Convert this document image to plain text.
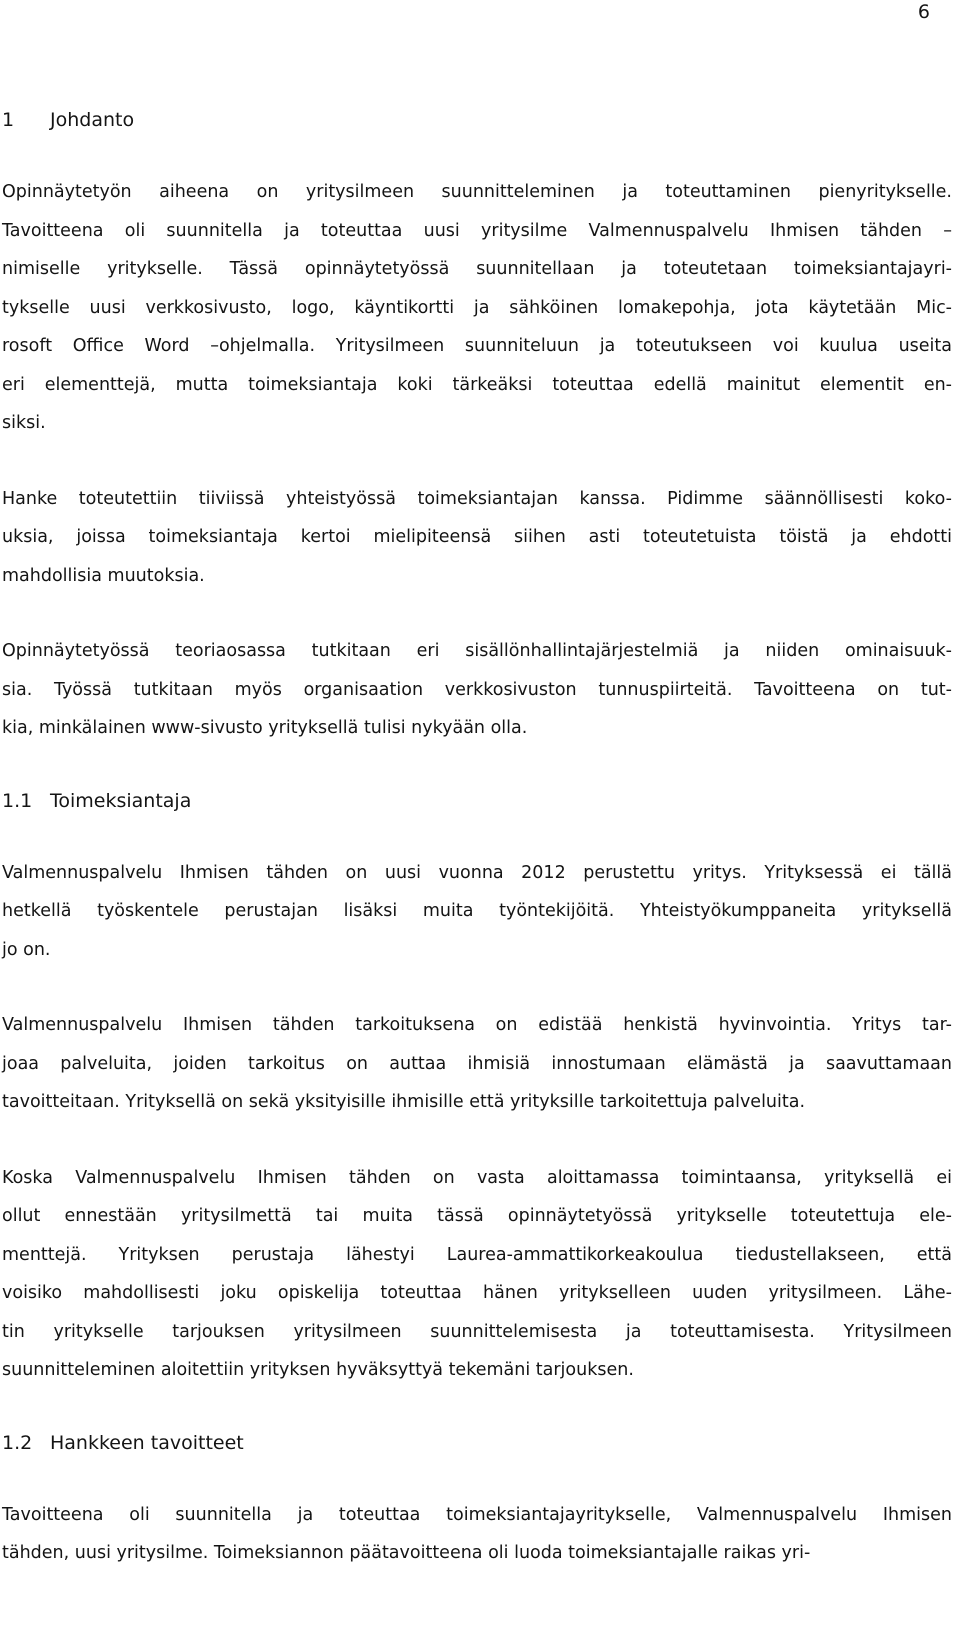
6
1	Johdanto

Opinnäytetyön aiheena on yritysilmeen suunnitteleminen ja toteuttaminen pienyritykselle.
Tavoitteena oli suunnitella ja toteuttaa uusi yritysilme Valmennuspalvelu Ihmisen tähden –
nimiselle yritykselle. Tässä opinnäytetyössä suunnitellaan ja toteutetaan toimeksiantajayri-
tykselle uusi verkkosivusto, logo, käyntikortti ja sähköinen lomakepohja, jota käytetään Mic-
rosoft Office Word –ohjelmalla. Yritysilmeen suunniteluun ja toteutukseen voi kuulua useita
eri elementtejä, mutta toimeksiantaja koki tärkeäksi toteuttaa edellä mainitut elementit en-
siksi.

Hanke toteutettiin tiiviissä yhteistyössä toimeksiantajan kanssa. Pidimme säännöllisesti koko-
uksia, joissa toimeksiantaja kertoi mielipiteensä siihen asti toteutetuista töistä ja ehdotti
mahdollisia muutoksia.

Opinnäytetyössä teoriaosassa tutkitaan eri sisällönhallintajärjestelmiä ja niiden ominaisuuk-
sia. Työssä tutkitaan myös organisaation verkkosivuston tunnuspiirteitä. Tavoitteena on tut-
kia, minkälainen www-sivusto yrityksellä tulisi nykyään olla.

1.1 Toimeksiantaja

Valmennuspalvelu Ihmisen tähden on uusi vuonna 2012 perustettu yritys. Yrityksessä ei tällä
hetkellä työskentele perustajan lisäksi muita työntekijöitä. Yhteistyökumppaneita yrityksellä
jo on.

Valmennuspalvelu Ihmisen tähden tarkoituksena on edistää henkistä hyvinvointia. Yritys tar-
joaa palveluita, joiden tarkoitus on auttaa ihmisiä innostumaan elämästä ja saavuttamaan
tavoitteitaan. Yrityksellä on sekä yksityisille ihmisille että yrityksille tarkoitettuja palveluita.

Koska Valmennuspalvelu Ihmisen tähden on vasta aloittamassa toimintaansa, yrityksellä ei
ollut ennestään yritysilmettä tai muita tässä opinnäytetyössä yritykselle toteutettuja ele-
menttejä. Yrityksen perustaja lähestyi Laurea-ammattikorkeakoulua tiedustellakseen, että
voisiko mahdollisesti joku opiskelija toteuttaa hänen yritykselleen uuden yritysilmeen. Lähe-
tin yritykselle tarjouksen yritysilmeen suunnittelemisesta ja toteuttamisesta. Yritysilmeen
suunnitteleminen aloitettiin yrityksen hyväksyttyä tekemäni tarjouksen.

1.2 Hankkeen tavoitteet

Tavoitteena oli suunnitella ja toteuttaa toimeksiantajayritykselle, Valmennuspalvelu Ihmisen
tähden, uusi yritysilme. Toimeksiannon päätavoitteena oli luoda toimeksiantajalle raikas yri-
